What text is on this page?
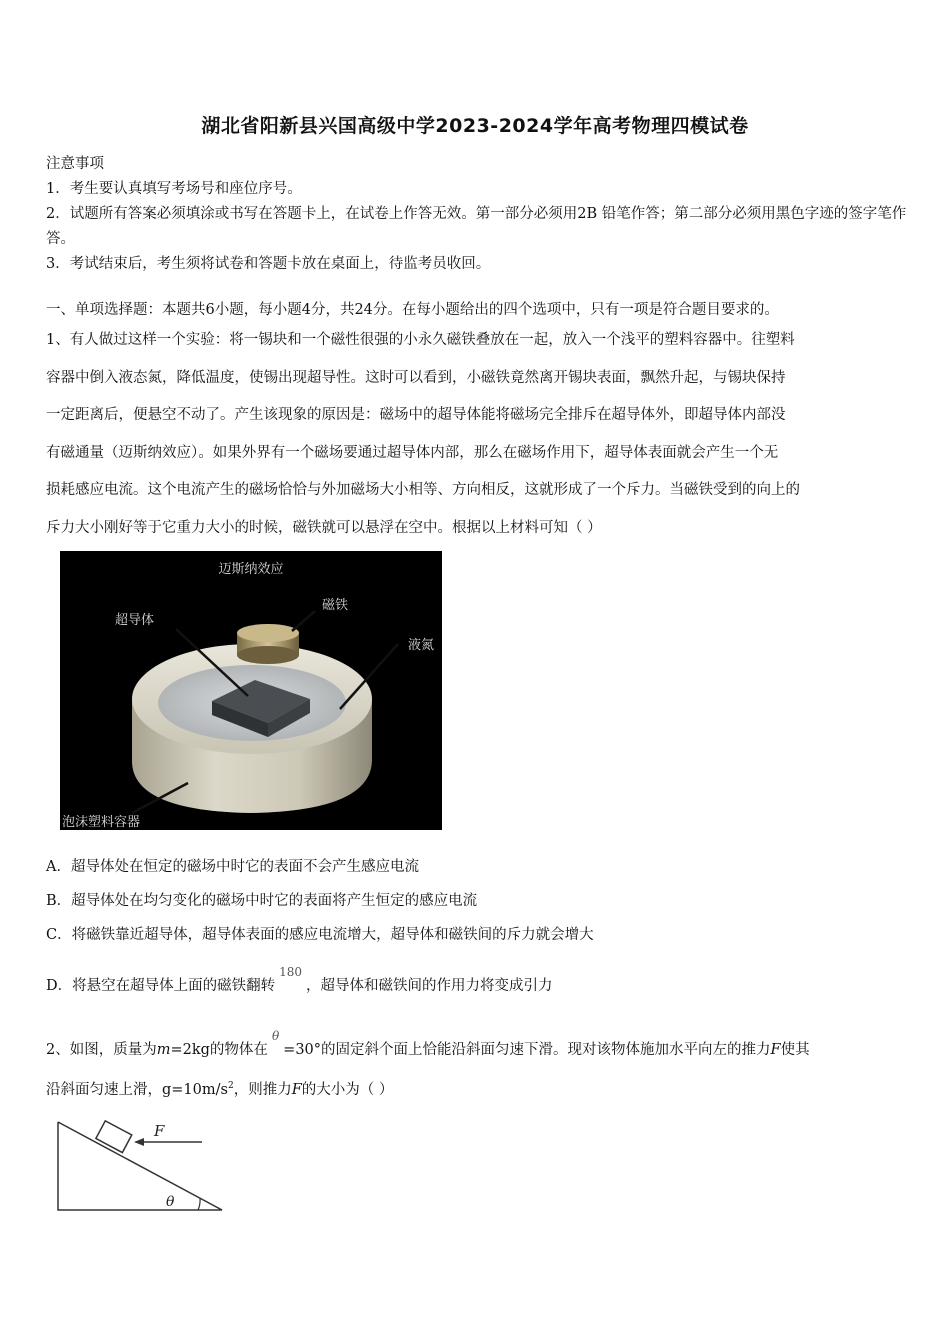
湖北省阳新县兴国高级中学2023-2024学年高考物理四模试卷
注意事项
1．考生要认真填写考场号和座位序号。
2．试题所有答案必须填涂或书写在答题卡上，在试卷上作答无效。第一部分必须用2B 铅笔作答；第二部分必须用黑色字迹的签字笔作答。
3．考试结束后，考生须将试卷和答题卡放在桌面上，待监考员收回。
一、单项选择题：本题共6小题，每小题4分，共24分。在每小题给出的四个选项中，只有一项是符合题目要求的。
1、有人做过这样一个实验：将一锡块和一个磁性很强的小永久磁铁叠放在一起，放入一个浅平的塑料容器中。往塑料
容器中倒入液态氮，降低温度，使锡出现超导性。这时可以看到，小磁铁竟然离开锡块表面，飘然升起，与锡块保持
一定距离后，便悬空不动了。产生该现象的原因是：磁场中的超导体能将磁场完全排斥在超导体外，即超导体内部没
有磁通量（迈斯纳效应）。如果外界有一个磁场要通过超导体内部，那么在磁场作用下，超导体表面就会产生一个无
损耗感应电流。这个电流产生的磁场恰恰与外加磁场大小相等、方向相反，这就形成了一个斥力。当磁铁受到的向上的
斥力大小刚好等于它重力大小的时候，磁铁就可以悬浮在空中。根据以上材料可知（ ）
迈斯纳效应
超导体
磁铁
液氮
泡沫塑料容器
A．超导体处在恒定的磁场中时它的表面不会产生感应电流
B．超导体处在均匀变化的磁场中时它的表面将产生恒定的感应电流
C．将磁铁靠近超导体，超导体表面的感应电流增大，超导体和磁铁间的斥力就会增大
D．将悬空在超导体上面的磁铁翻转$^{180}$，超导体和磁铁间的作用力将变成引力
2、如图，质量为m=2kg的物体在$^\theta$=30°的固定斜个面上恰能沿斜面匀速下滑。现对该物体施加水平向左的推力F使其
沿斜面匀速上滑，$g=10m/s^2$，则推力F的大小为（ ）
F
θ
